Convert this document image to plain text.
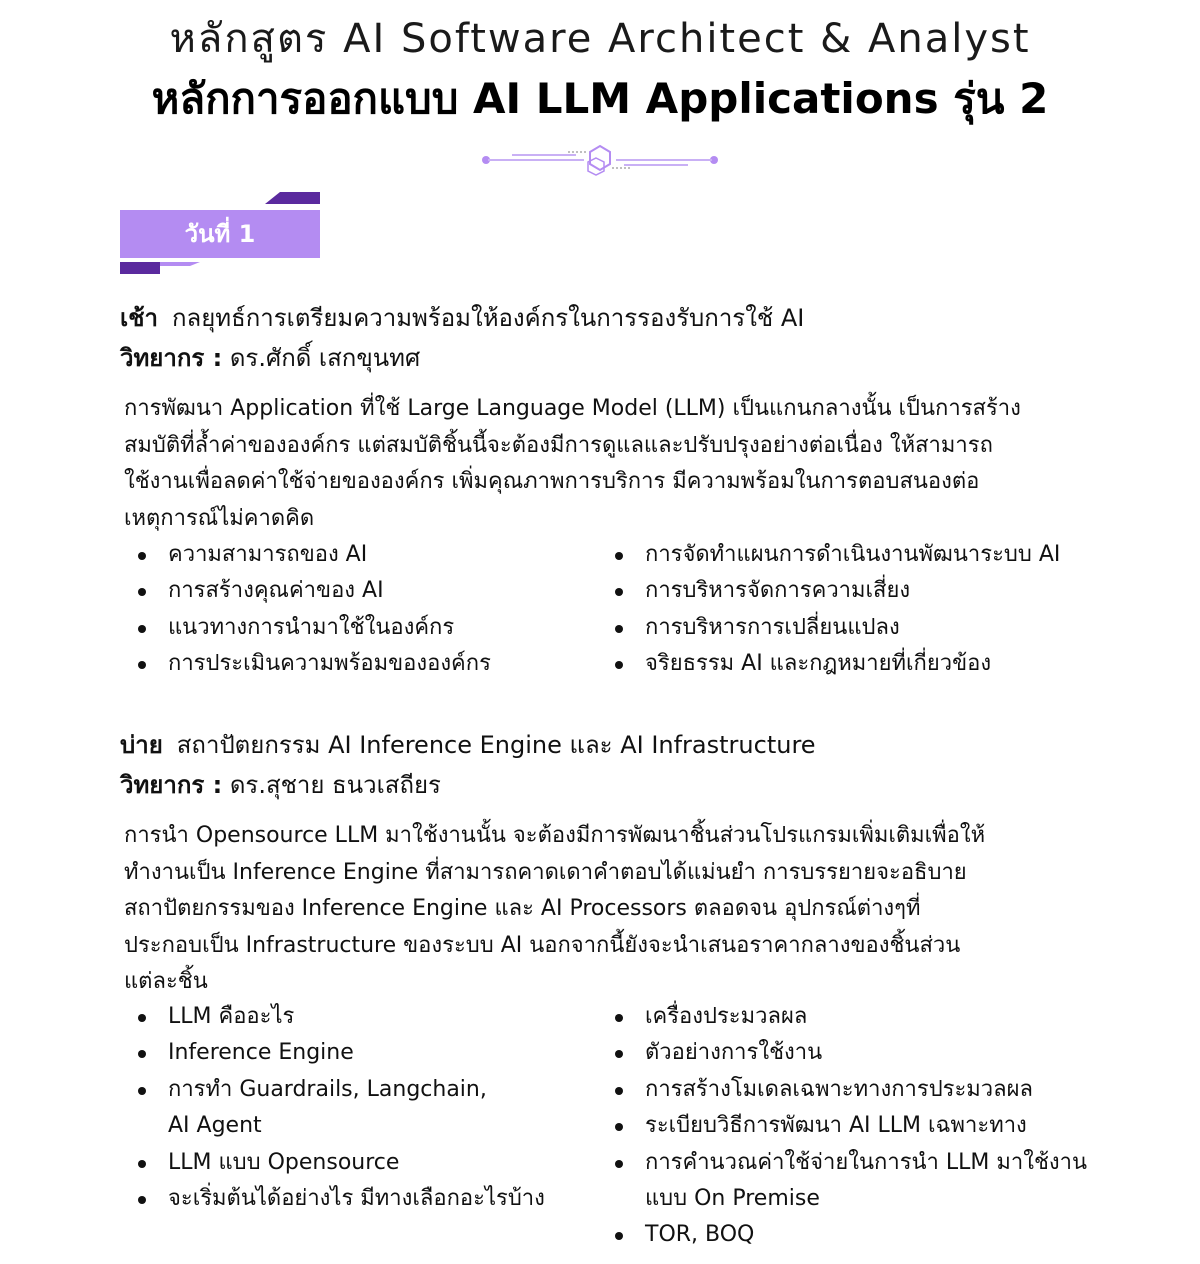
หลักสูตร AI Software Architect & Analyst
หลักการออกแบบ AI LLM Applications รุ่น 2
วันที่ 1
เช้า กลยุทธ์การเตรียมความพร้อมให้องค์กรในการรองรับการใช้ AI
วิทยากร : ดร.ศักดิ์ เสกขุนทศ
การพัฒนา Application ที่ใช้ Large Language Model (LLM) เป็นแกนกลางนั้น เป็นการสร้าง
สมบัติที่ล้ำค่าขององค์กร แต่สมบัติชิ้นนี้จะต้องมีการดูแลและปรับปรุงอย่างต่อเนื่อง ให้สามารถ
ใช้งานเพื่อลดค่าใช้จ่ายขององค์กร เพิ่มคุณภาพการบริการ มีความพร้อมในการตอบสนองต่อ
เหตุการณ์ไม่คาดคิด
ความสามารถของ AI
การสร้างคุณค่าของ AI
แนวทางการนำมาใช้ในองค์กร
การประเมินความพร้อมขององค์กร
การจัดทำแผนการดำเนินงานพัฒนาระบบ AI
การบริหารจัดการความเสี่ยง
การบริหารการเปลี่ยนแปลง
จริยธรรม AI และกฎหมายที่เกี่ยวข้อง
บ่าย สถาปัตยกรรม AI Inference Engine และ AI Infrastructure
วิทยากร : ดร.สุชาย ธนวเสถียร
การนำ Opensource LLM มาใช้งานนั้น จะต้องมีการพัฒนาชิ้นส่วนโปรแกรมเพิ่มเติมเพื่อให้
ทำงานเป็น Inference Engine ที่สามารถคาดเดาคำตอบได้แม่นยำ การบรรยายจะอธิบาย
สถาปัตยกรรมของ Inference Engine และ AI Processors ตลอดจน อุปกรณ์ต่างๆที่
ประกอบเป็น Infrastructure ของระบบ AI นอกจากนี้ยังจะนำเสนอราคากลางของชิ้นส่วน
แต่ละชิ้น
LLM คืออะไร
Inference Engine
การทำ Guardrails, Langchain,
AI Agent
LLM แบบ Opensource
จะเริ่มต้นได้อย่างไร มีทางเลือกอะไรบ้าง
เครื่องประมวลผล
ตัวอย่างการใช้งาน
การสร้างโมเดลเฉพาะทางการประมวลผล
ระเบียบวิธีการพัฒนา AI LLM เฉพาะทาง
การคำนวณค่าใช้จ่ายในการนำ LLM มาใช้งาน
แบบ On Premise
TOR, BOQ
